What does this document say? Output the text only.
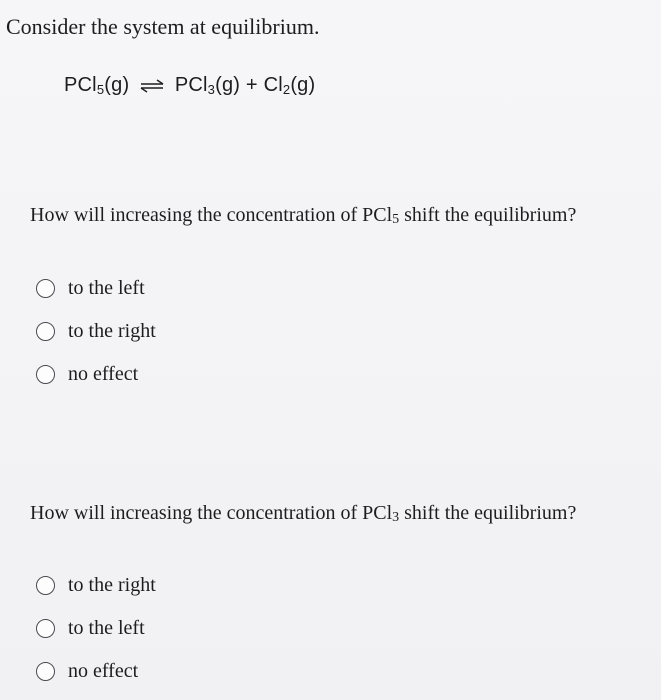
Consider the system at equilibrium.
PCl$_5$(g) ⇌ $PCl_3(g) + Cl_2(g)$
How will increasing the concentration of PCl$_5$ shift the equilibrium?
to the left
to the right
no effect
How will increasing the concentration of PCl$_3$ shift the equilibrium?
to the right
to the left
no effect
